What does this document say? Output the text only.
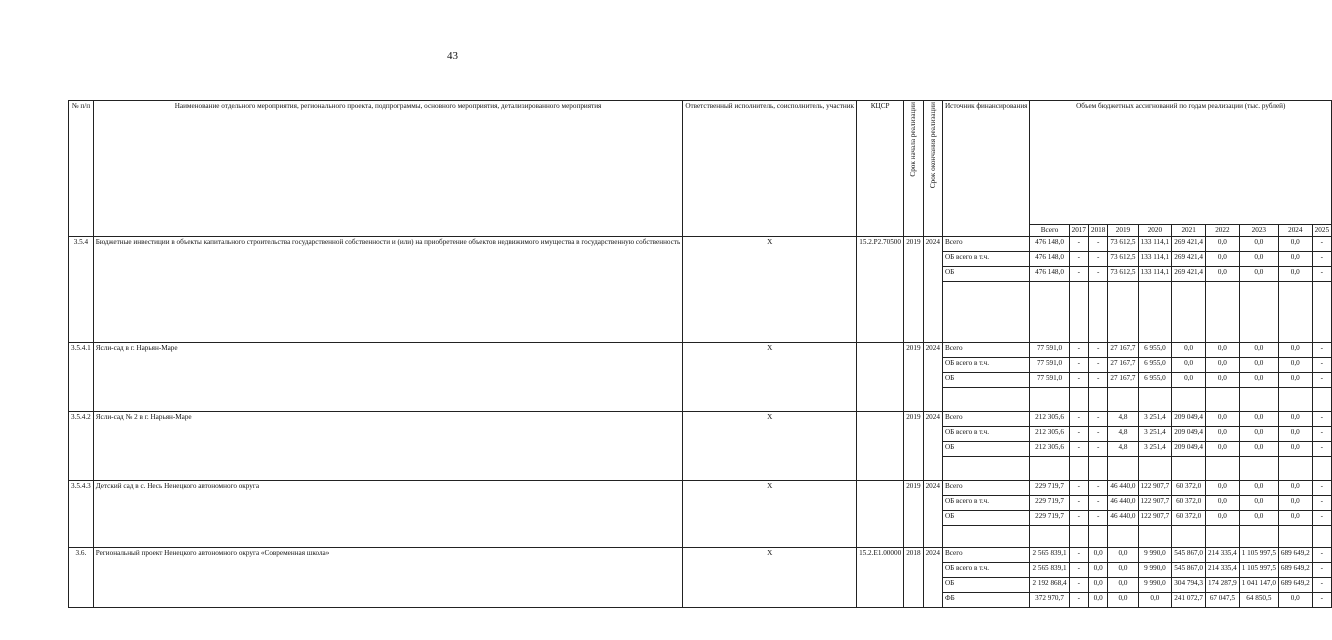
43
№ п/п	Наименование отдельного мероприятия, регионального проекта, подпрограммы, основного мероприятия, детализированного мероприятия	Ответственный исполнитель, соисполнитель, участник	КЦСР	Срок начала реализации	Срок окончания реализации	Источник финансирования	Объем бюджетных ассигнований по годам реализации (тыс. рублей)									
							Всего	2017	2018	2019	2020	2021	2022	2023	2024	2025
3.5.4	Бюджетные инвестиции в объекты капитального строительства государственной собственности и (или) на приобретение объектов недвижимого имущества в государственную собственность	Х	15.2.Р2.70500	2019	2024	Всего	476 148,0	-	-	73 612,5	133 114,1	269 421,4	0,0	0,0	0,0	-
						ОБ всего в т.ч.	476 148,0	-	-	73 612,5	133 114,1	269 421,4	0,0	0,0	0,0	-
						ОБ	476 148,0	-	-	73 612,5	133 114,1	269 421,4	0,0	0,0	0,0	-

3.5.4.1	Ясли-сад в г. Нарьян-Маре	Х		2019	2024	Всего	77 591,0	-	-	27 167,7	6 955,0	0,0	0,0	0,0	0,0	-
						ОБ всего в т.ч.	77 591,0	-	-	27 167,7	6 955,0	0,0	0,0	0,0	0,0	-
						ОБ	77 591,0	-	-	27 167,7	6 955,0	0,0	0,0	0,0	0,0	-

3.5.4.2	Ясли-сад № 2 в г. Нарьян-Маре	Х		2019	2024	Всего	212 305,6	-	-	4,8	3 251,4	209 049,4	0,0	0,0	0,0	-
						ОБ всего в т.ч.	212 305,6	-	-	4,8	3 251,4	209 049,4	0,0	0,0	0,0	-
						ОБ	212 305,6	-	-	4,8	3 251,4	209 049,4	0,0	0,0	0,0	-

3.5.4.3	Детский сад в с. Несь Ненецкого автономного округа	Х		2019	2024	Всего	229 719,7	-	-	46 440,0	122 907,7	60 372,0	0,0	0,0	0,0	-
						ОБ всего в т.ч.	229 719,7	-	-	46 440,0	122 907,7	60 372,0	0,0	0,0	0,0	-
						ОБ	229 719,7	-	-	46 440,0	122 907,7	60 372,0	0,0	0,0	0,0	-

3.6.	Региональный проект Ненецкого автономного округа «Современная школа»	Х	15.2.Е1.00000	2018	2024	Всего	2 565 839,1	-	0,0	0,0	9 990,0	545 867,0	214 335,4	1 105 997,5	689 649,2	-
						ОБ всего в т.ч.	2 565 839,1	-	0,0	0,0	9 990,0	545 867,0	214 335,4	1 105 997,5	689 649,2	-
						ОБ	2 192 868,4	-	0,0	0,0	9 990,0	304 794,3	174 287,9	1 041 147,0	689 649,2	-
						ФБ	372 970,7	-	0,0	0,0	0,0	241 072,7	67 047,5	64 850,5	0,0	-
